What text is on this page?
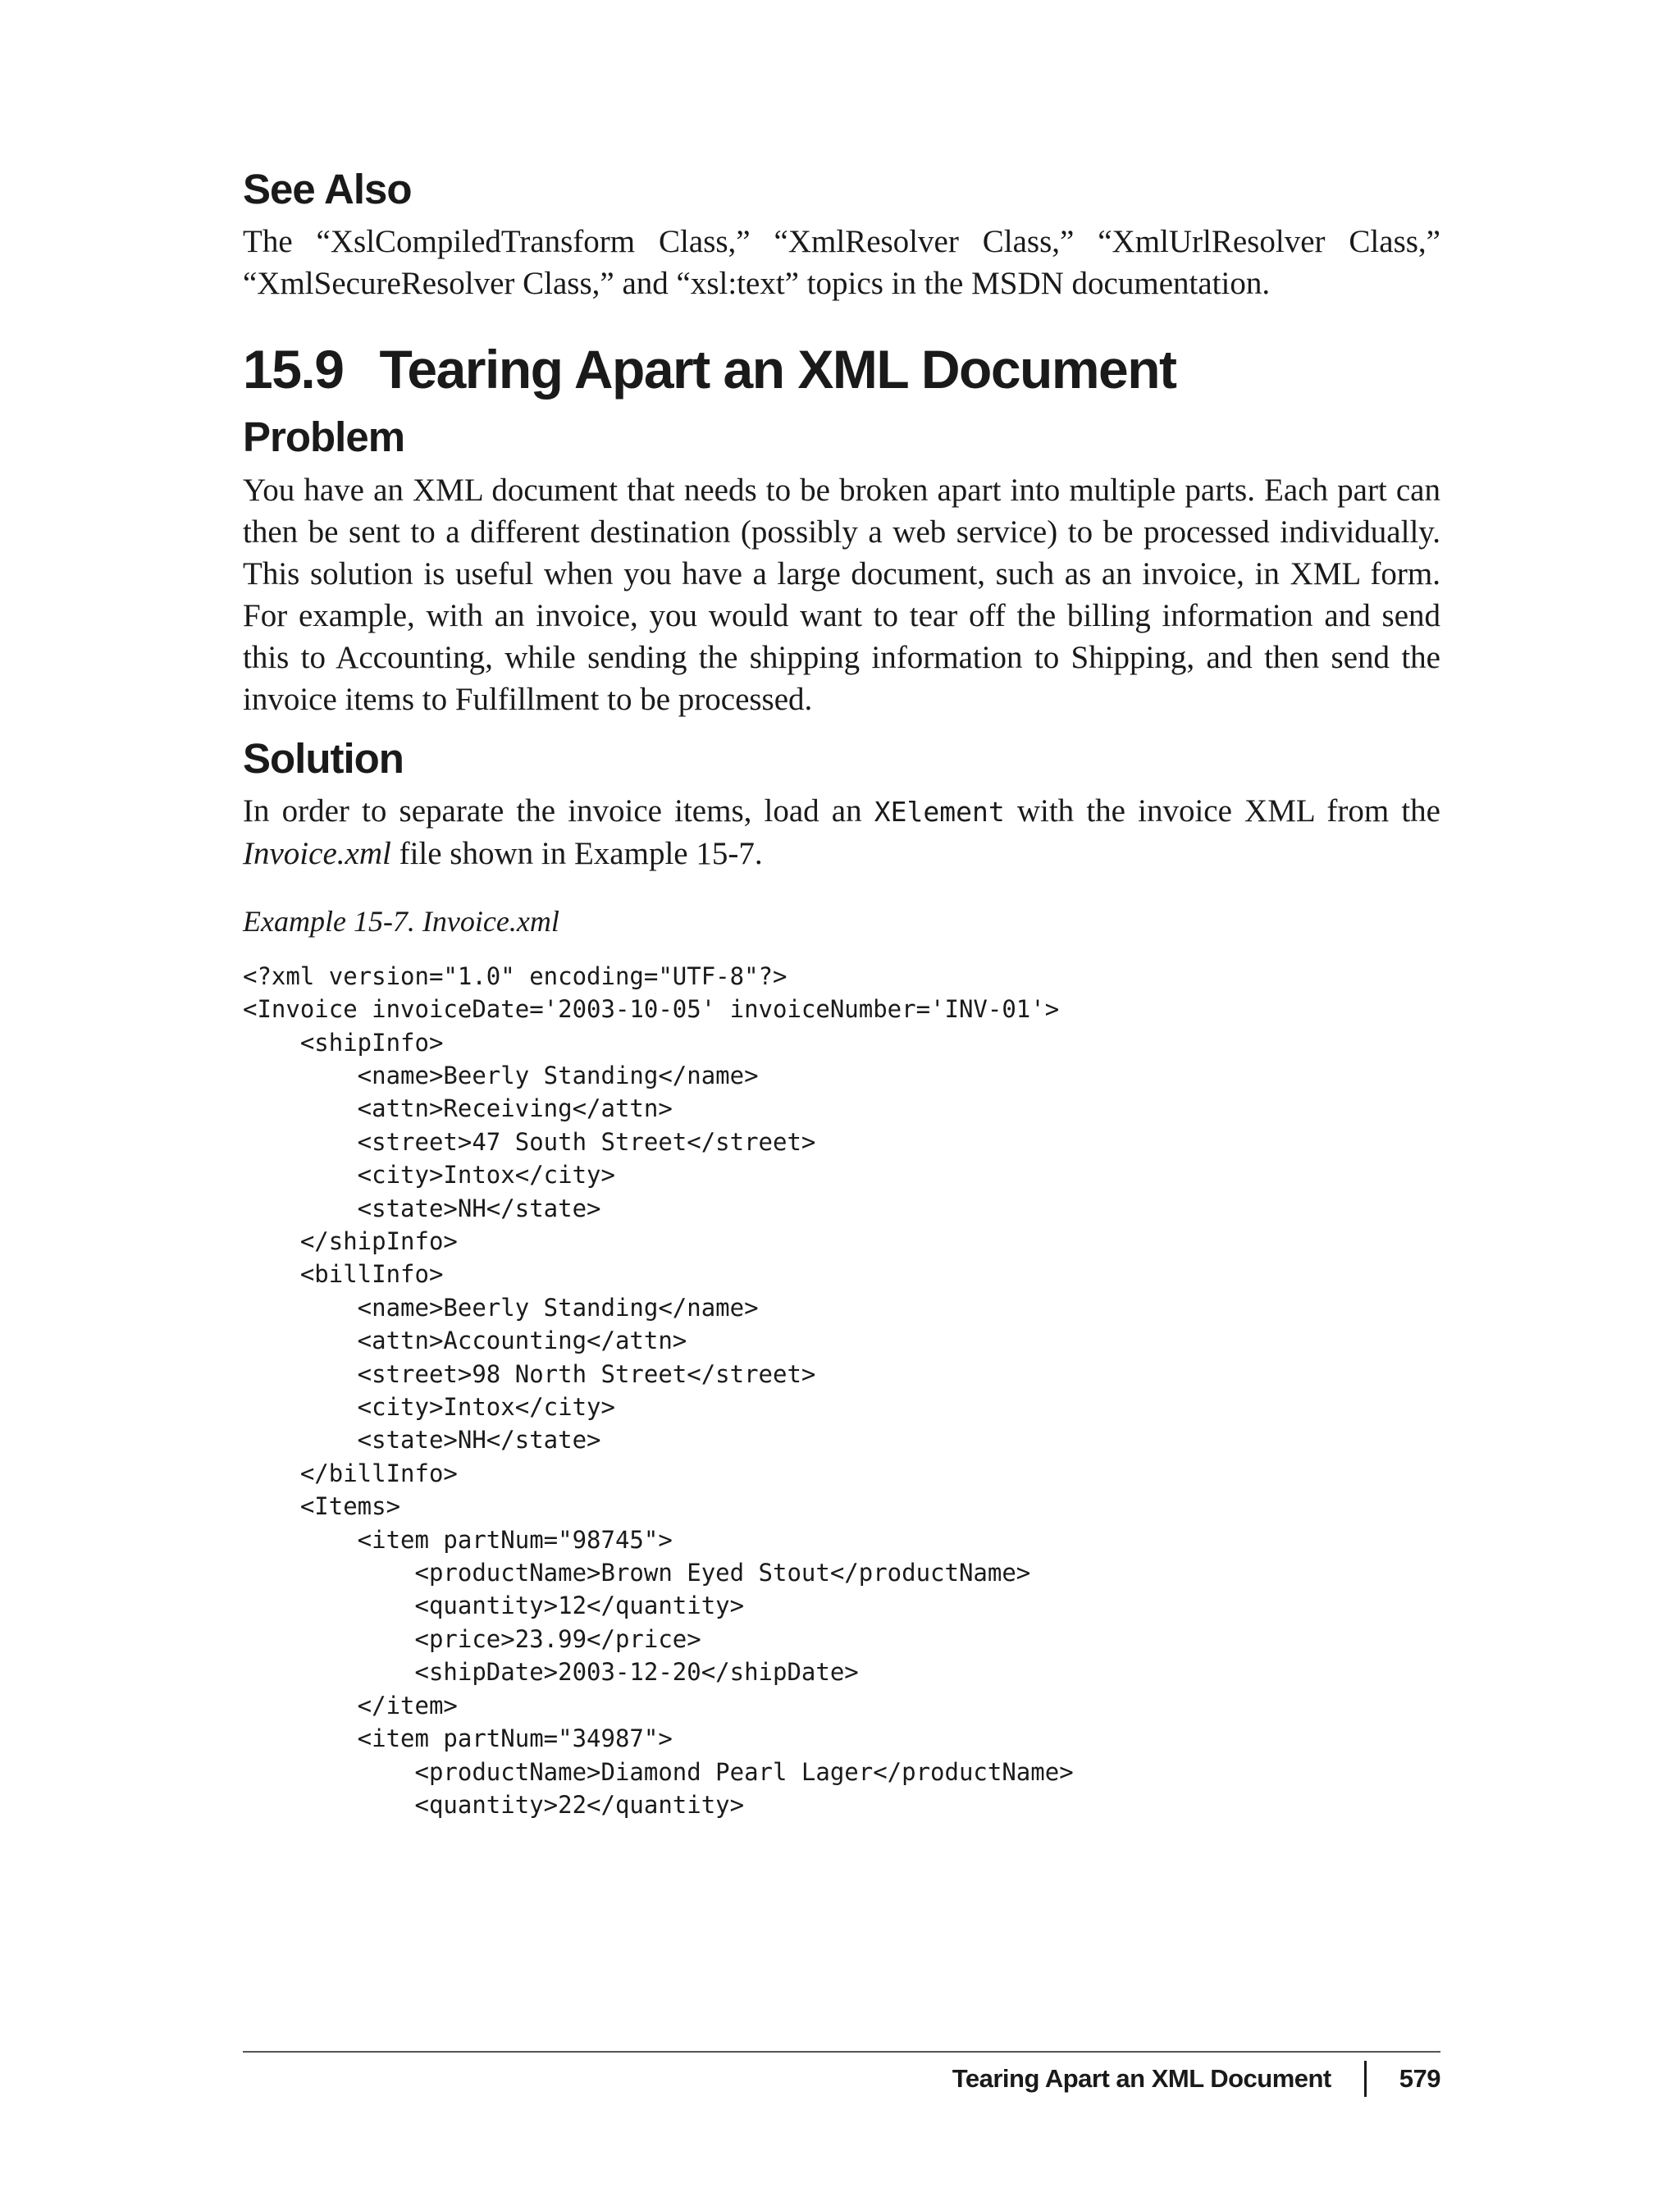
See Also

The “XslCompiledTransform Class,” “XmlResolver Class,” “XmlUrlResolver Class,” “XmlSecureResolver Class,” and “xsl:text” topics in the MSDN documentation.

15.9 Tearing Apart an XML Document
Problem

You have an XML document that needs to be broken apart into multiple parts. Each part can then be sent to a different destination (possibly a web service) to be processed individually. This solution is useful when you have a large document, such as an invoice, in XML form. For example, with an invoice, you would want to tear off the billing information and send this to Accounting, while sending the shipping information to Shipping, and then send the invoice items to Fulfillment to be processed.

Solution

In order to separate the invoice items, load an XElement with the invoice XML from the Invoice.xml file shown in Example 15-7.

Example 15-7. Invoice.xml

<?xml version="1.0" encoding="UTF-8"?>
<Invoice invoiceDate='2003-10-05' invoiceNumber='INV-01'>
<shipInfo>
<name>Beerly Standing</name>
<attn>Receiving</attn>
<street>47 South Street</street>
<city>Intox</city>
<state>NH</state>
</shipInfo>
<billInfo>
<name>Beerly Standing</name>
<attn>Accounting</attn>
<street>98 North Street</street>
<city>Intox</city>
<state>NH</state>
</billInfo>
<Items>
<item partNum="98745">
<productName>Brown Eyed Stout</productName>
<quantity>12</quantity>
<price>23.99</price>
<shipDate>2003-12-20</shipDate>
</item>
<item partNum="34987">
<productName>Diamond Pearl Lager</productName>
<quantity>22</quantity>
Tearing Apart an XML Document	579
